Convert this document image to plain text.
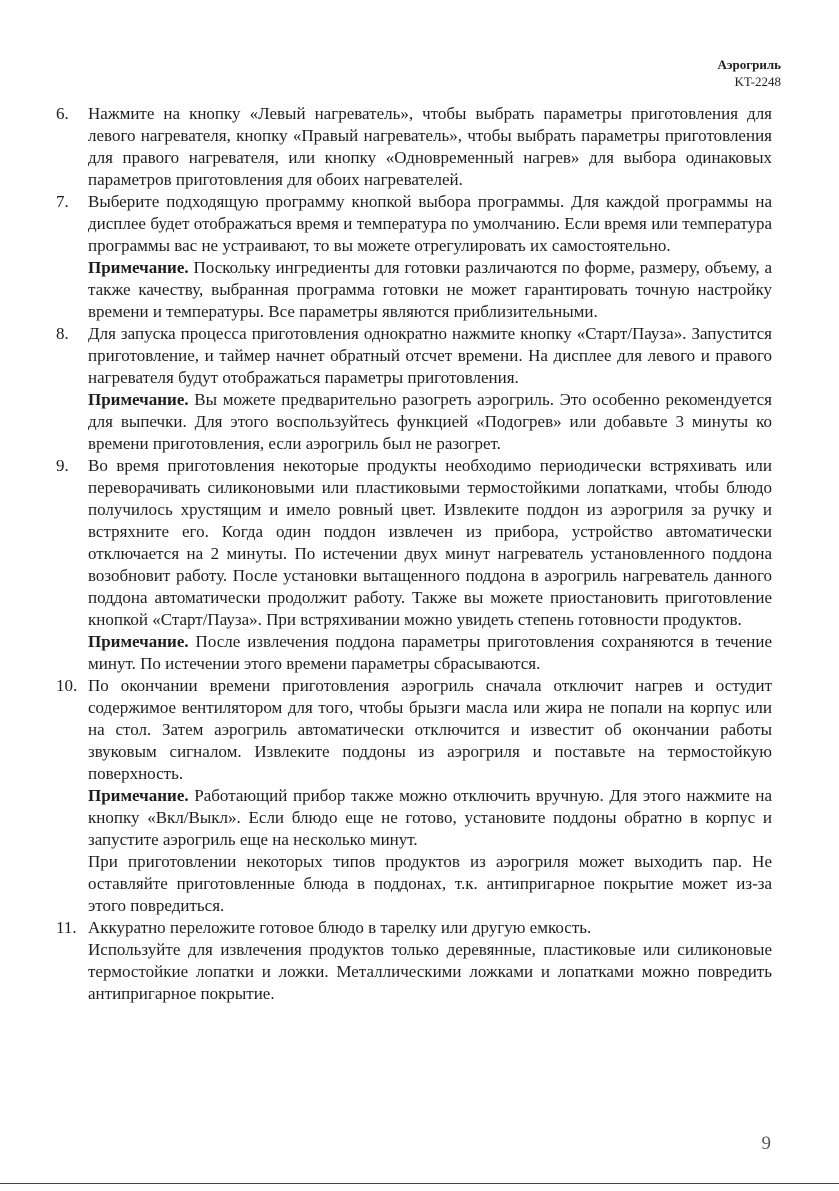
Аэрогриль
KT-2248
6. Нажмите на кнопку «Левый нагреватель», чтобы выбрать параметры приготовления для левого нагревателя, кнопку «Правый нагреватель», чтобы выбрать параметры приготовления для правого нагревателя, или кнопку «Одновременный нагрев» для выбора одинаковых параметров приготовления для обоих нагревателей.

7. Выберите подходящую программу кнопкой выбора программы. Для каждой программы на дисплее будет отображаться время и температура по умолчанию. Если время или температура программы вас не устраивают, то вы можете отрегулировать их самостоятельно.

Примечание. Поскольку ингредиенты для готовки различаются по форме, размеру, объему, а также качеству, выбранная программа готовки не может гарантировать точную настройку времени и температуры. Все параметры являются приблизительными.

8. Для запуска процесса приготовления однократно нажмите кнопку «Старт/Пауза». Запустится приготовление, и таймер начнет обратный отсчет времени. На дисплее для левого и правого нагревателя будут отображаться параметры приготовления.

Примечание. Вы можете предварительно разогреть аэрогриль. Это особенно рекомендуется для выпечки. Для этого воспользуйтесь функцией «Подогрев» или добавьте 3 минуты ко времени приготовления, если аэрогриль был не разогрет.

9. Во время приготовления некоторые продукты необходимо периодически встряхивать или переворачивать силиконовыми или пластиковыми термостойкими лопатками, чтобы блюдо получилось хрустящим и имело ровный цвет. Извлеките поддон из аэрогриля за ручку и встряхните его. Когда один поддон извлечен из прибора, устройство автоматически отключается на 2 минуты. По истечении двух минут нагреватель установленного поддона возобновит работу. После установки вытащенного поддона в аэрогриль нагреватель данного поддона автоматически продолжит работу. Также вы можете приостановить приготовление кнопкой «Старт/Пауза». При встряхивании можно увидеть степень готовности продуктов.

Примечание. После извлечения поддона параметры приготовления сохраняются в течение минут. По истечении этого времени параметры сбрасываются.

10. По окончании времени приготовления аэрогриль сначала отключит нагрев и остудит содержимое вентилятором для того, чтобы брызги масла или жира не попали на корпус или на стол. Затем аэрогриль автоматически отключится и известит об окончании работы звуковым сигналом. Извлеките поддоны из аэрогриля и поставьте на термостойкую поверхность.

Примечание. Работающий прибор также можно отключить вручную. Для этого нажмите на кнопку «Вкл/Выкл». Если блюдо еще не готово, установите поддоны обратно в корпус и запустите аэрогриль еще на несколько минут.

При приготовлении некоторых типов продуктов из аэрогриля может выходить пар. Не оставляйте приготовленные блюда в поддонах, т.к. антипригарное покрытие может из-за этого повредиться.

11. Аккуратно переложите готовое блюдо в тарелку или другую емкость.

Используйте для извлечения продуктов только деревянные, пластиковые или силиконовые термостойкие лопатки и ложки. Металлическими ложками и лопатками можно повредить антипригарное покрытие.

9
